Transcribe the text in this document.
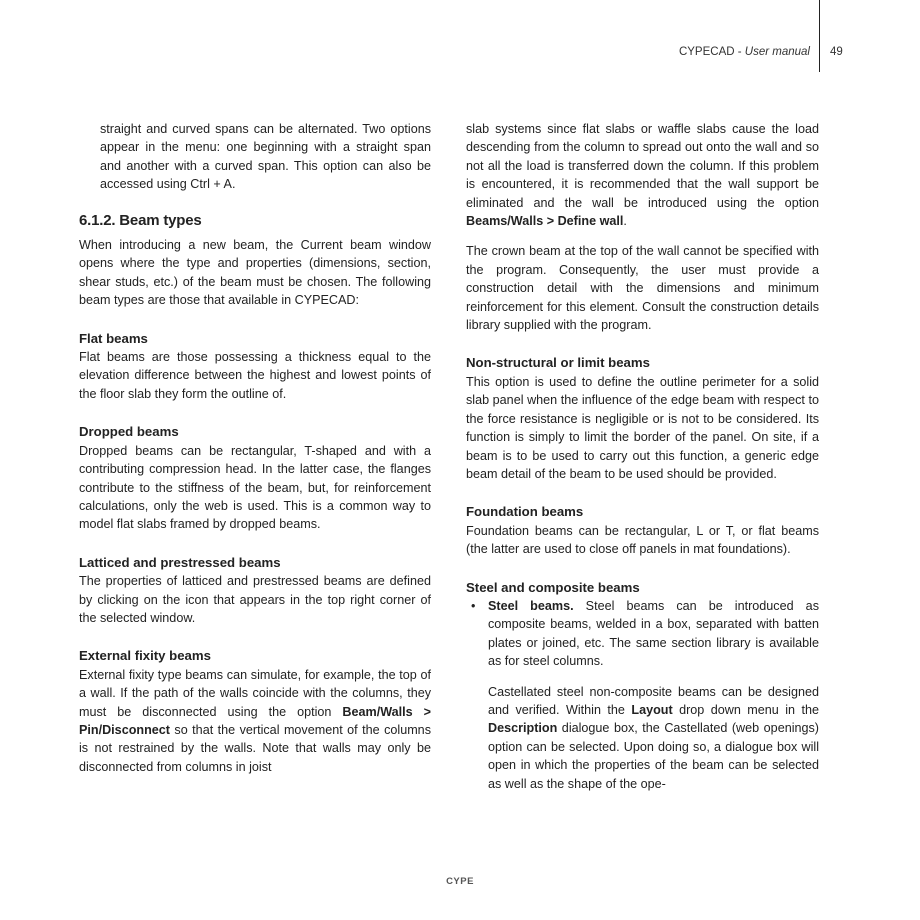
CYPECAD - User manual 49

straight and curved spans can be alternated. Two options appear in the menu: one beginning with a straight span and another with a curved span. This option can also be accessed using Ctrl + A.

6.1.2. Beam types

When introducing a new beam, the Current beam window opens where the type and properties (dimensions, section, shear studs, etc.) of the beam must be chosen. The following beam types are those that available in CYPECAD:

Flat beams

Flat beams are those possessing a thickness equal to the elevation difference between the highest and lowest points of the floor slab they form the outline of.

Dropped beams

Dropped beams can be rectangular, T-shaped and with a contributing compression head. In the latter case, the flanges contribute to the stiffness of the beam, but, for reinforcement calculations, only the web is used. This is a common way to model flat slabs framed by dropped beams.

Latticed and prestressed beams

The properties of latticed and prestressed beams are defined by clicking on the icon that appears in the top right corner of the selected window.

External fixity beams

External fixity type beams can simulate, for example, the top of a wall. If the path of the walls coincide with the columns, they must be disconnected using the option Beam/Walls > Pin/Disconnect so that the vertical movement of the columns is not restrained by the walls. Note that walls may only be disconnected from columns in joist

slab systems since flat slabs or waffle slabs cause the load descending from the column to spread out onto the wall and so not all the load is transferred down the column. If this problem is encountered, it is recommended that the wall support be eliminated and the wall be introduced using the option Beams/Walls > Define wall.

The crown beam at the top of the wall cannot be specified with the program. Consequently, the user must provide a construction detail with the dimensions and minimum reinforcement for this element. Consult the construction details library supplied with the program.

Non-structural or limit beams

This option is used to define the outline perimeter for a solid slab panel when the influence of the edge beam with respect to the force resistance is negligible or is not to be considered. Its function is simply to limit the border of the panel. On site, if a beam is to be used to carry out this function, a generic edge beam detail of the beam to be used should be provided.

Foundation beams

Foundation beams can be rectangular, L or T, or flat beams (the latter are used to close off panels in mat foundations).

Steel and composite beams
• Steel beams. Steel beams can be introduced as composite beams, welded in a box, separated with batten plates or joined, etc. The same section library is available as for steel columns.

Castellated steel non-composite beams can be designed and verified. Within the Layout drop down menu in the Description dialogue box, the Castellated (web openings) option can be selected. Upon doing so, a dialogue box will open in which the properties of the beam can be selected as well as the shape of the ope-

CYPE
